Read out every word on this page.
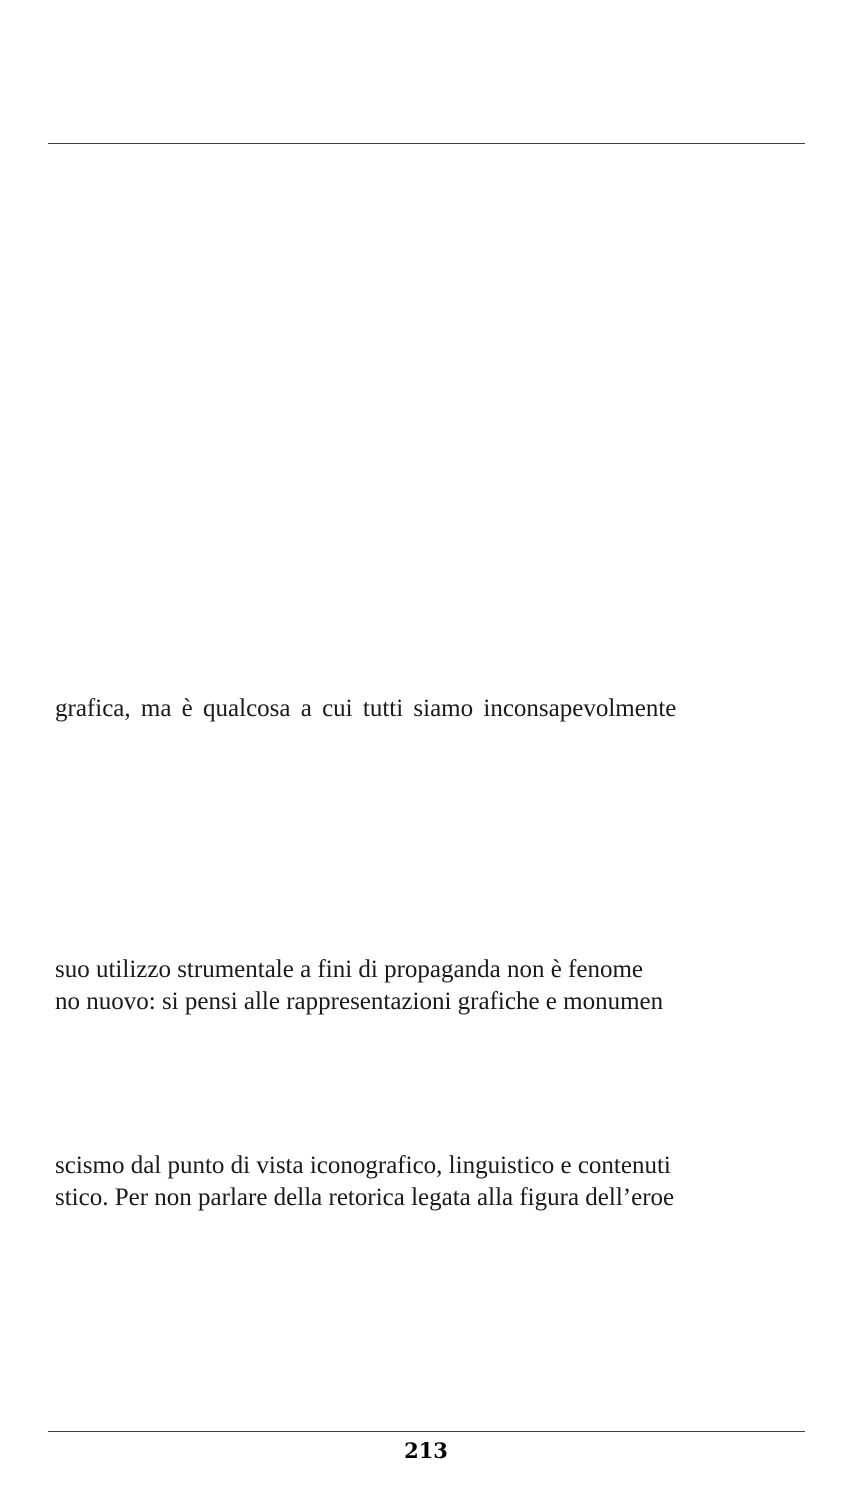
grafica, ma è qualcosa a cui tutti siamo inconsapevolmente
suo utilizzo strumentale a fini di propaganda non è fenome
no nuovo: si pensi alle rappresentazioni grafiche e monumen
scismo dal punto di vista iconografico, linguistico e contenuti
stico. Per non parlare della retorica legata alla figura dell’eroe
213
